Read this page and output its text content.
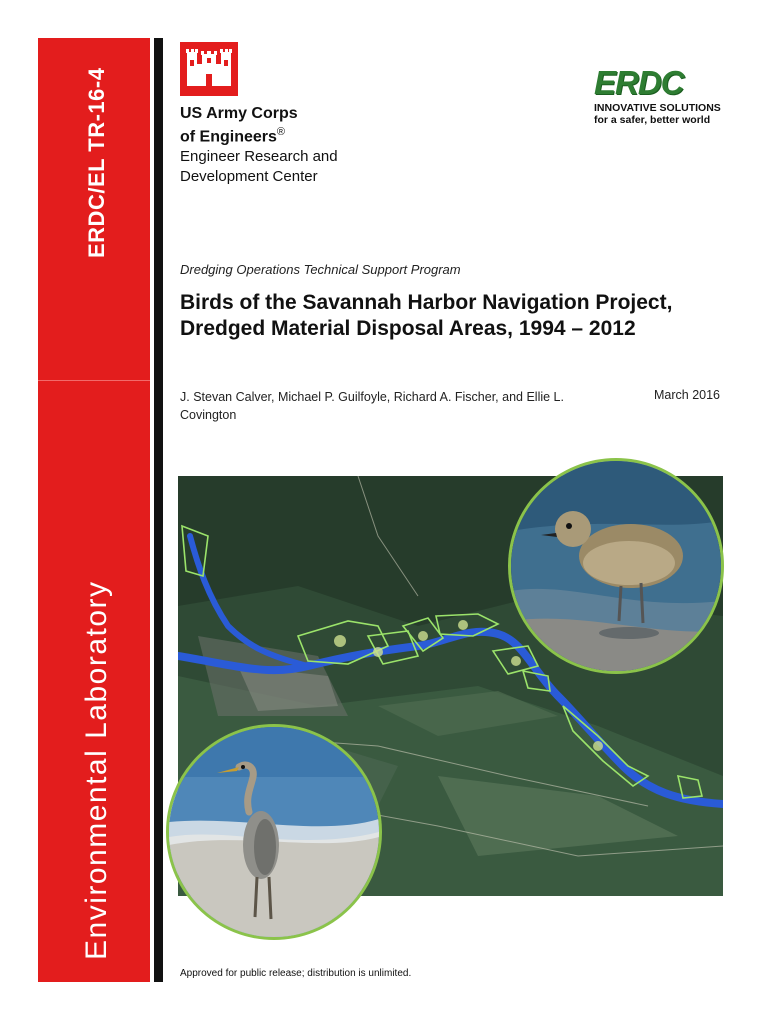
ERDC/EL TR-16-4
Environmental Laboratory
US Army Corps
of Engineers®
Engineer Research and
Development Center
ERDC
INNOVATIVE SOLUTIONS
for a safer, better world
Dredging Operations Technical Support Program
Birds of the Savannah Harbor Navigation Project, Dredged Material Disposal Areas, 1994 – 2012
J. Stevan Calver, Michael P. Guilfoyle, Richard A. Fischer, and Ellie L. Covington
March 2016
Approved for public release; distribution is unlimited.
